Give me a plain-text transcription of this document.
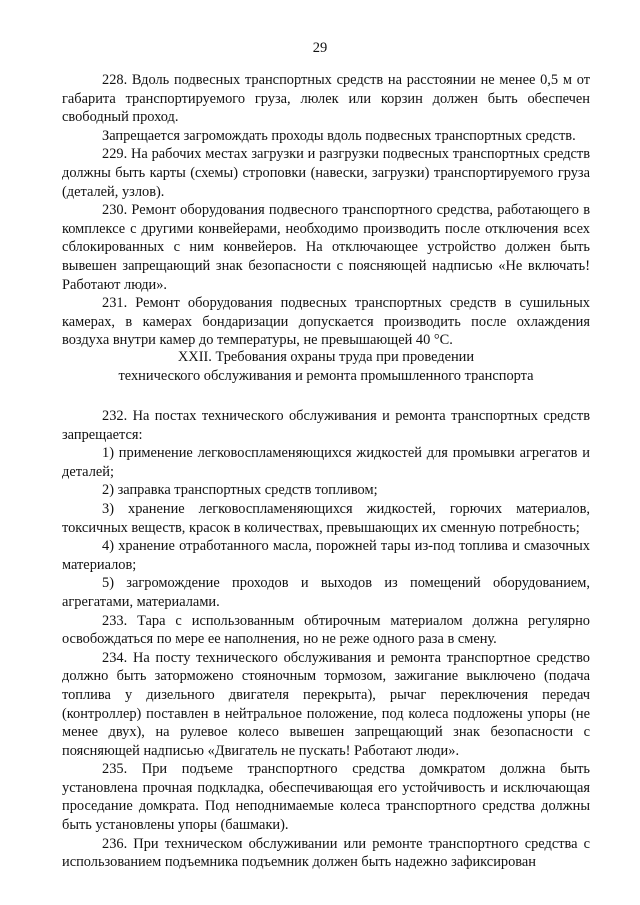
29

228. Вдоль подвесных транспортных средств на расстоянии не менее 0,5 м от габарита транспортируемого груза, люлек или корзин должен быть обеспечен свободный проход.

Запрещается загромождать проходы вдоль подвесных транспортных средств.

229. На рабочих местах загрузки и разгрузки подвесных транспортных средств должны быть карты (схемы) строповки (навески, загрузки) транспортируемого груза (деталей, узлов).

230. Ремонт оборудования подвесного транспортного средства, работающего в комплексе с другими конвейерами, необходимо производить после отключения всех сблокированных с ним конвейеров. На отключающее устройство должен быть вывешен запрещающий знак безопасности с поясняющей надписью «Не включать! Работают люди».

231. Ремонт оборудования подвесных транспортных средств в сушильных камерах, в камерах бондаризации допускается производить после охлаждения воздуха внутри камер до температуры, не превышающей 40 °С.

XXII. Требования охраны труда при проведении
технического обслуживания и ремонта промышленного транспорта

232. На постах технического обслуживания и ремонта транспортных средств запрещается:

1) применение легковоспламеняющихся жидкостей для промывки агрегатов и деталей;

2) заправка транспортных средств топливом;

3) хранение легковоспламеняющихся жидкостей, горючих материалов, токсичных веществ, красок в количествах, превышающих их сменную потребность;

4) хранение отработанного масла, порожней тары из-под топлива и смазочных материалов;

5) загромождение проходов и выходов из помещений оборудованием, агрегатами, материалами.

233. Тара с использованным обтирочным материалом должна регулярно освобождаться по мере ее наполнения, но не реже одного раза в смену.

234. На посту технического обслуживания и ремонта транспортное средство должно быть заторможено стояночным тормозом, зажигание выключено (подача топлива у дизельного двигателя перекрыта), рычаг переключения передач (контроллер) поставлен в нейтральное положение, под колеса подложены упоры (не менее двух), на рулевое колесо вывешен запрещающий знак безопасности с поясняющей надписью «Двигатель не пускать! Работают люди».

235. При подъеме транспортного средства домкратом должна быть установлена прочная подкладка, обеспечивающая его устойчивость и исключающая проседание домкрата. Под неподнимаемые колеса транспортного средства должны быть установлены упоры (башмаки).

236. При техническом обслуживании или ремонте транспортного средства с использованием подъемника подъемник должен быть надежно зафиксирован
